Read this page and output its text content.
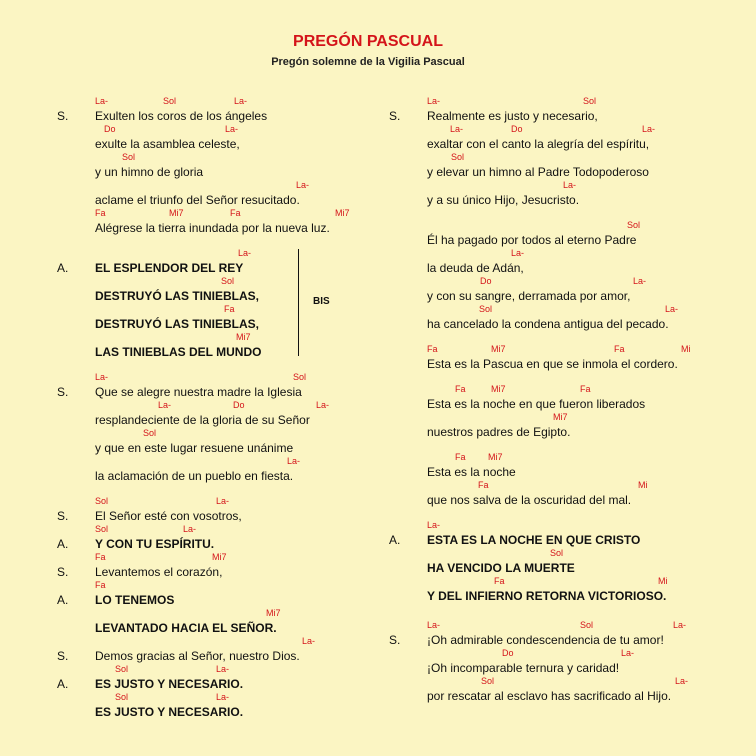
PREGÓN PASCUAL
Pregón solemne de la Vigilia Pascual
S.
La-	Sol	La-
Exulten los coros de los ángeles
Do	La-
exulte la asamblea celeste,
Sol
y un himno de gloria
La-
aclame el triunfo del Señor resucitado.
Fa	Mi7	Fa	Mi7
Alégrese la tierra inundada por la nueva luz.
A.
La-
EL ESPLENDOR DEL REY
Sol
DESTRUYÓ LAS TINIEBLAS,
Fa
DESTRUYÓ LAS TINIEBLAS,
Mi7
LAS TINIEBLAS DEL MUNDO
S.
La-	Sol
Que se alegre nuestra madre la Iglesia
La-	Do	La-
resplandeciente de la gloria de su Señor
Sol
y que en este lugar resuene unánime
La-
la aclamación de un pueblo en fiesta.
S.
Sol	La-
El Señor esté con vosotros,
A.
Sol	La-
Y CON TU ESPÍRITU.
S.
Fa	Mi7
Levantemos el corazón,
A.
Fa
LO TENEMOS
Mi7
LEVANTADO HACIA EL SEÑOR.
S.
La-
Demos gracias al Señor, nuestro Dios.
A.
Sol	La-
ES JUSTO Y NECESARIO.
Sol	La-
ES JUSTO Y NECESARIO.
S.
La-	Sol
Realmente es justo y necesario,
La-	Do	La-
exaltar con el canto la alegría del espíritu,
Sol
y elevar un himno al Padre Todopoderoso
La-
y a su único Hijo, Jesucristo.
Sol
Él ha pagado por todos al eterno Padre
La-
la deuda de Adán,
Do	La-
y con su sangre, derramada por amor,
Sol	La-
ha cancelado la condena antigua del pecado.
Fa	Mi7	Fa	Mi
Esta es la Pascua en que se inmola el cordero.
Fa	Mi7	Fa
Esta es la noche en que fueron liberados
Mi7
nuestros padres de Egipto.
Fa Mi7
Esta es la noche
Fa	Mi
que nos salva de la oscuridad del mal.
A.
La-
ESTA ES LA NOCHE EN QUE CRISTO
Sol
HA VENCIDO LA MUERTE
Fa	Mi
Y DEL INFIERNO RETORNA VICTORIOSO.
S.
La-	Sol	La-
¡Oh admirable condescendencia de tu amor!
Do	La-
¡Oh incomparable ternura y caridad!
Sol	La-
por rescatar al esclavo has sacrificado al Hijo.
BIS
